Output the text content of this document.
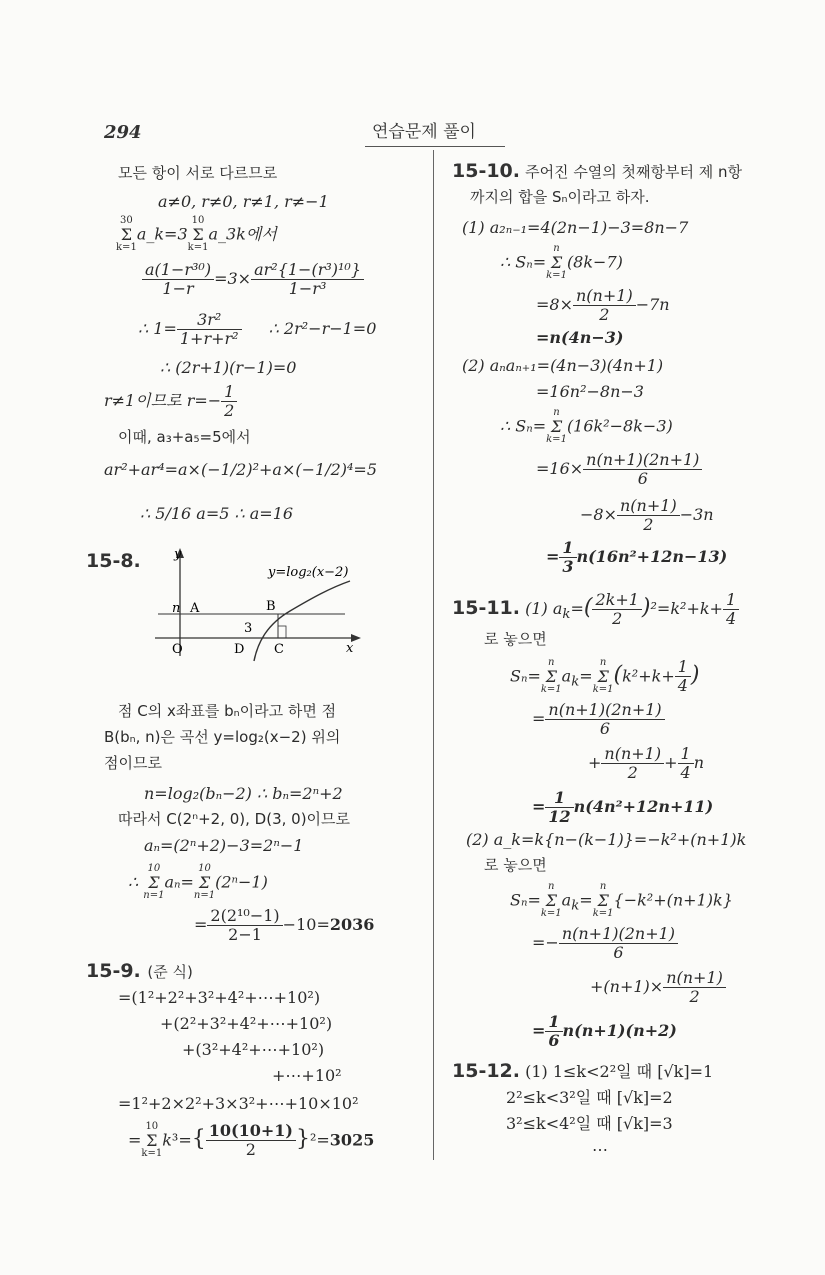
294	연습문제 풀이
모든 항이 서로 다르므로
a≠0, r≠0, r≠1, r≠−1
30
Σ
k=1a_k=310
Σ
k=1a_3k에서
$\frac{\text{a(1−r³⁰)}}{1-r} =3\times \frac{\text{ar²\{1−(r³)¹⁰\}}}{\text{1−r³}}$
∴ $1= \frac{\text{3r²}}{\text{1+r+r²}}$ ∴ 2r²−r−1=0
∴ (2r+1)(r−1)=0
r≠1이므로 $r=- \frac{1}{2}$
이때, a₃+a₅=5에서
ar²+ar⁴=a×(−1/2)²+a×(−1/2)⁴=5
∴ 5/16 a=5 ∴ a=16
15-8.	y
x
y=log₂(x−2)
n A	B
3
O	D C
점 C의 x좌표를 bₙ이라고 하면 점
B(bₙ, n)은 곡선 y=log₂(x−2) 위의
점이므로
n=log₂(bₙ−2) ∴ bₙ=2ⁿ+2
따라서 C(2ⁿ+2, 0), D(3, 0)이므로
aₙ=(2ⁿ+2)−3=2ⁿ−1
∴ 10
Σ
n=1aₙ=10
Σ
n=1(2ⁿ−1)
= $\frac{\text{2(2¹⁰−1)}}{2-1} -10=2036$
15-9. (준 식)
=(1²+2²+3²+4²+⋯+10²)
+(2²+3²+4²+⋯+10²)
+(3²+4²+⋯+10²)
+⋯+10²
=1²+2×2²+3×3²+⋯+10×10²
=10
Σ
$k=1k^3=\{ \frac{10(10+1)}{2} \}^2=3025$
15-10. 주어진 수열의 첫째항부터 제 n항
까지의 합을 Sₙ이라고 하자.
(1) a₂ₙ₋₁=4(2n−1)−3=8n−7
∴ Sₙ=n
Σ
k=1(8k−7)
$=8\times \frac{n(n+1)}{2} -7n$
=n(4n−3)
(2) aₙaₙ₊₁=(4n−3)(4n+1)
=16n²−8n−3
∴ Sₙ=n
Σ
k=1(16k²−8k−3)
$=16\times \frac{n(n+1)(2n+1)}{6}$
$-8\times \frac{n(n+1)}{2} -3n$
= $\frac{1}{3} n(16n^2+12n-13)$
15-11. (1) $a_k=( \frac{2k+1}{2} )^2=k^2+k+ \frac{1}{4}$
로 놓으면
Sₙ=n
Σ
$k=1a_k=n$
Σ
$k=1(k^2+k+ \frac{1}{4}$ )
= $\frac{n(n+1)(2n+1)}{6}$
+ $\frac{n(n+1)}{2} + \frac{1}{4}$ n
= $\frac{1}{12} n(4n^2+12n+11)$
(2) a_k=k{n−(k−1)}=−k²+(n+1)k
로 놓으면
Sₙ=n
Σ
$k=1a_k=n$
Σ
k=1{−k²+(n+1)k}
=− $\frac{n(n+1)(2n+1)}{6}$
$+(n+1)\times \frac{n(n+1)}{2}$
= $\frac{1}{6} n(n+1)(n+2)$
15-12. (1) 1≤k<2²일 때 [√k]=1
2²≤k<3²일 때 [√k]=2
3²≤k<4²일 때 [√k]=3
⋯
